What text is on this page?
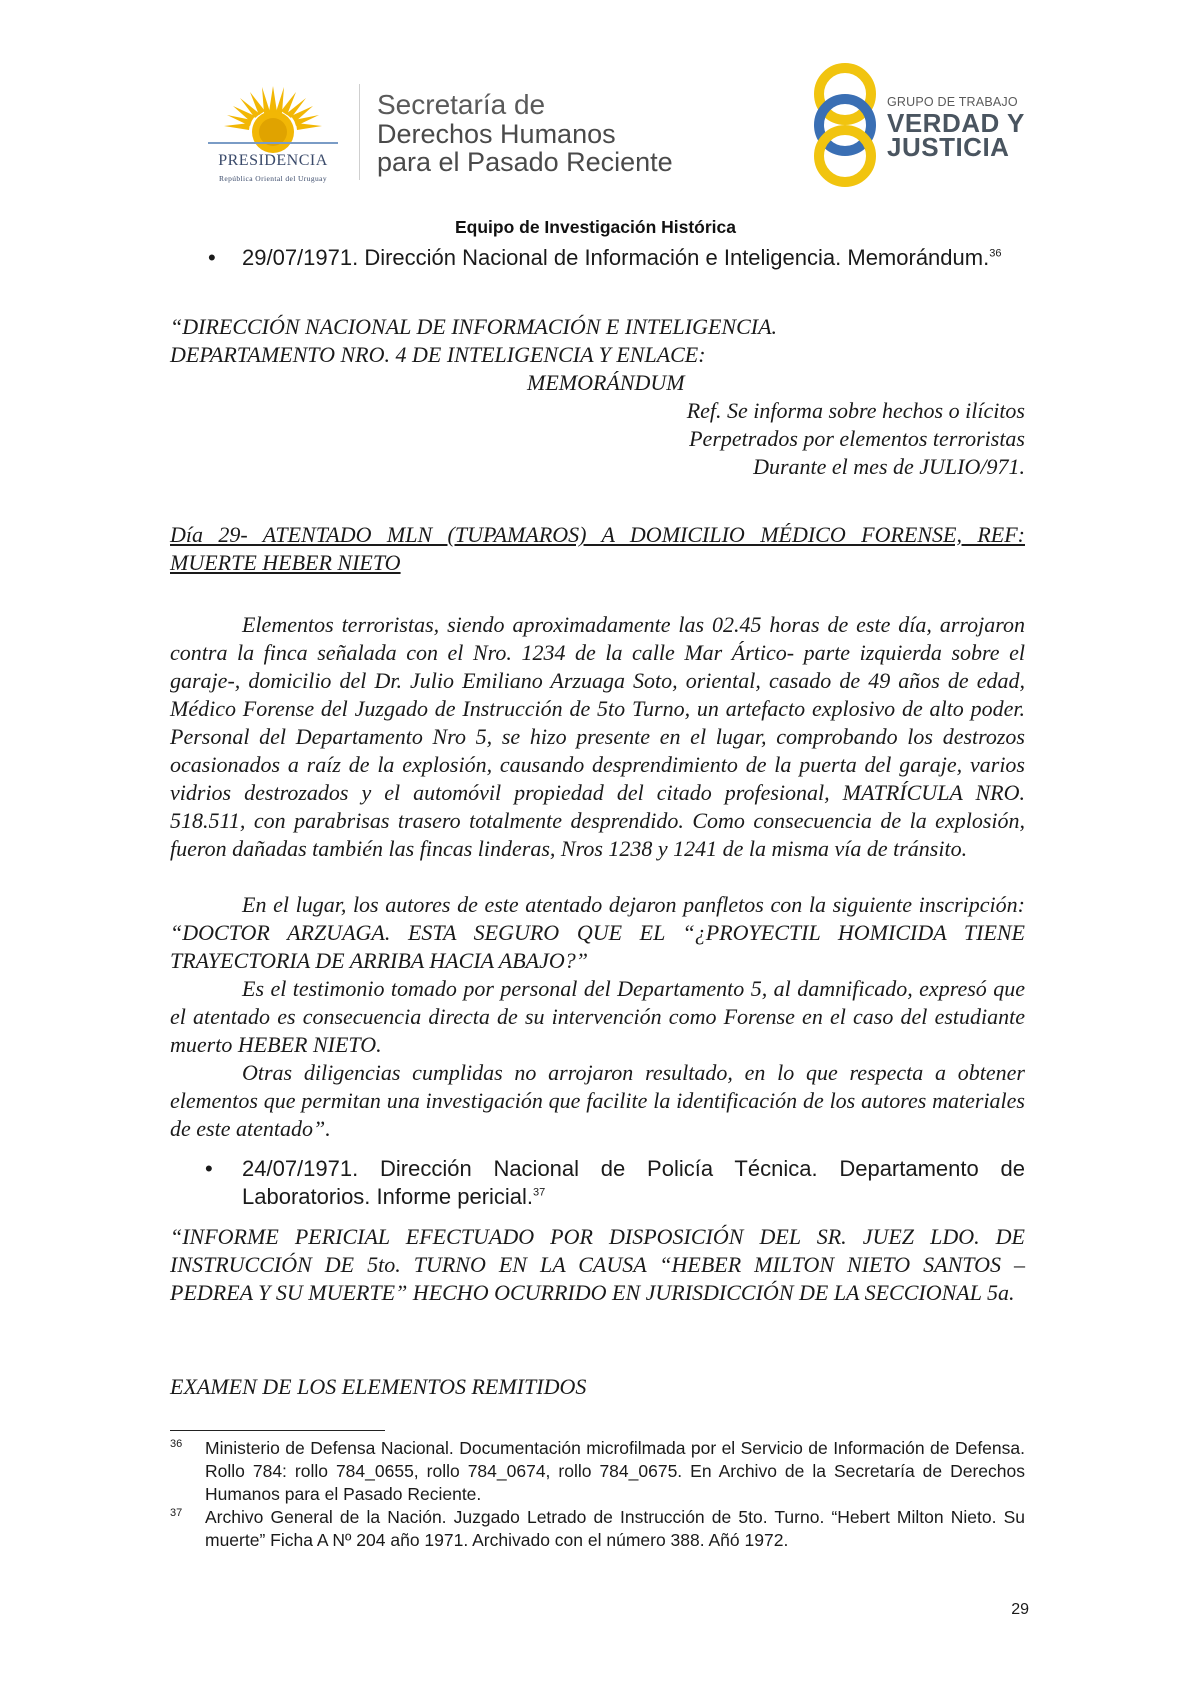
PRESIDENCIA
República Oriental del Uruguay
Secretaría de
Derechos Humanos
para el Pasado Reciente
GRUPO DE TRABAJO
VERDAD Y
JUSTICIA
Equipo de Investigación Histórica
• 29/07/1971. Dirección Nacional de Información e Inteligencia. Memorándum.$^{36}$
“DIRECCIÓN NACIONAL DE INFORMACIÓN E INTELIGENCIA.
DEPARTAMENTO NRO. 4 DE INTELIGENCIA Y ENLACE:
MEMORÁNDUM
Ref. Se informa sobre hechos o ilícitos
Perpetrados por elementos terroristas
Durante el mes de JULIO/971.
Día 29- ATENTADO MLN (TUPAMAROS) A DOMICILIO MÉDICO FORENSE, REF: MUERTE HEBER NIETO
Elementos terroristas, siendo aproximadamente las 02.45 horas de este día, arrojaron contra la finca señalada con el Nro. 1234 de la calle Mar Ártico- parte izquierda sobre el garaje-, domicilio del Dr. Julio Emiliano Arzuaga Soto, oriental, casado de 49 años de edad, Médico Forense del Juzgado de Instrucción de 5to Turno, un artefacto explosivo de alto poder. Personal del Departamento Nro 5, se hizo presente en el lugar, comprobando los destrozos ocasionados a raíz de la explosión, causando desprendimiento de la puerta del garaje, varios vidrios destrozados y el automóvil propiedad del citado profesional, MATRÍCULA NRO. 518.511, con parabrisas trasero totalmente desprendido. Como consecuencia de la explosión, fueron dañadas también las fincas linderas, Nros 1238 y 1241 de la misma vía de tránsito.
En el lugar, los autores de este atentado dejaron panfletos con la siguiente inscripción: “DOCTOR ARZUAGA. ESTA SEGURO QUE EL “¿PROYECTIL HOMICIDA TIENE TRAYECTORIA DE ARRIBA HACIA ABAJO?”
Es el testimonio tomado por personal del Departamento 5, al damnificado, expresó que el atentado es consecuencia directa de su intervención como Forense en el caso del estudiante muerto HEBER NIETO.
Otras diligencias cumplidas no arrojaron resultado, en lo que respecta a obtener elementos que permitan una investigación que facilite la identificación de los autores materiales de este atentado”.
• 24/07/1971. Dirección Nacional de Policía Técnica. Departamento de Laboratorios. Informe pericial.$^{37}$
“INFORME PERICIAL EFECTUADO POR DISPOSICIÓN DEL SR. JUEZ LDO. DE INSTRUCCIÓN DE 5to. TURNO EN LA CAUSA “HEBER MILTON NIETO SANTOS – PEDREA Y SU MUERTE” HECHO OCURRIDO EN JURISDICCIÓN DE LA SECCIONAL 5a.
EXAMEN DE LOS ELEMENTOS REMITIDOS
36 Ministerio de Defensa Nacional. Documentación microfilmada por el Servicio de Información de Defensa. Rollo 784: rollo 784_0655, rollo 784_0674, rollo 784_0675. En Archivo de la Secretaría de Derechos Humanos para el Pasado Reciente.
37 Archivo General de la Nación. Juzgado Letrado de Instrucción de 5to. Turno. “Hebert Milton Nieto. Su muerte” Ficha A Nº 204 año 1971. Archivado con el número 388. Añó 1972.
29
